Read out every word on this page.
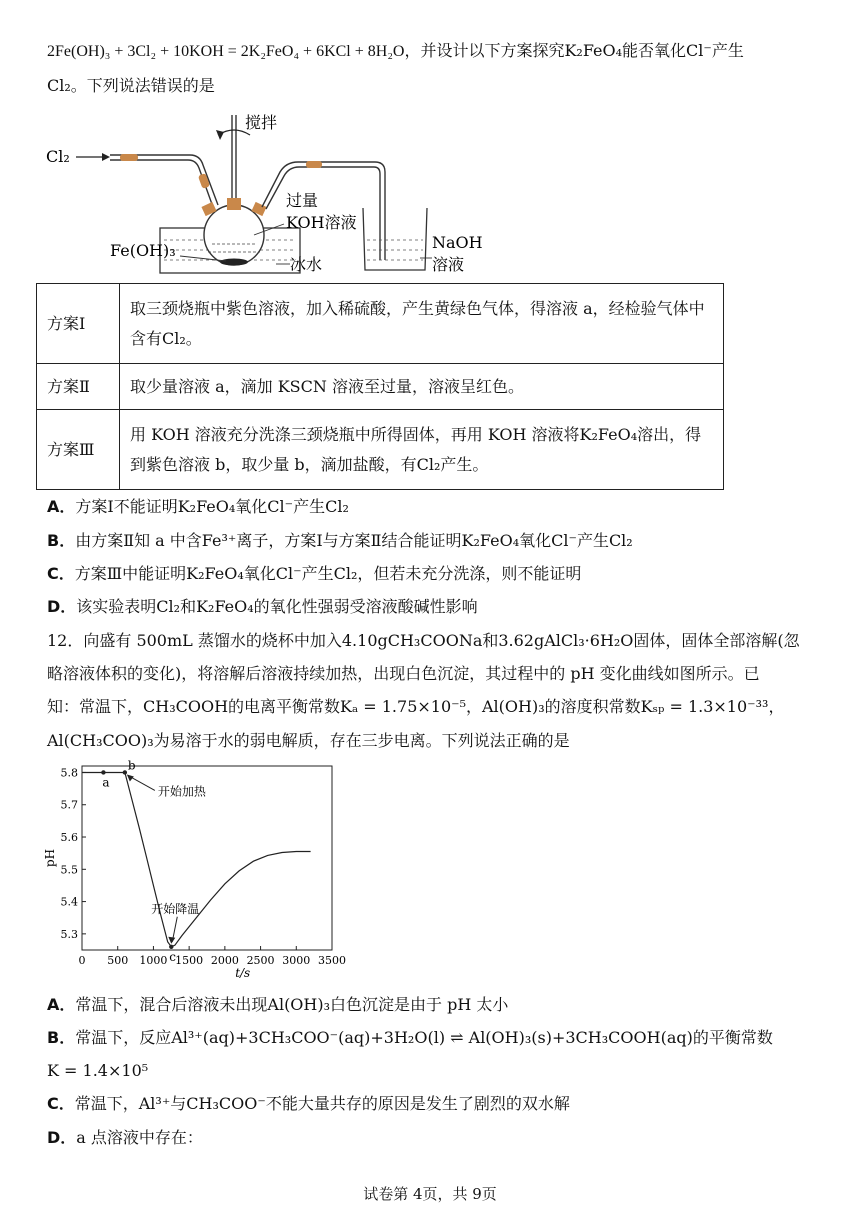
2Fe(OH)₃ + 3Cl₂ + 10KOH = 2K₂FeO₄ + 6KCl + 8H₂O，并设计以下方案探究K₂FeO₄能否氧化Cl⁻产生
Cl₂。下列说法错误的是
Cl₂
搅拌
过量
KOH溶液
Fe(OH)₃
冰水
NaOH
溶液
方案Ⅰ	取三颈烧瓶中紫色溶液，加入稀硫酸，产生黄绿色气体，得溶液 a，经检验气体中含有Cl₂。
方案Ⅱ	取少量溶液 a，滴加 KSCN 溶液至过量，溶液呈红色。
方案Ⅲ	用 KOH 溶液充分洗涤三颈烧瓶中所得固体，再用 KOH 溶液将K₂FeO₄溶出，得到紫色溶液 b，取少量 b，滴加盐酸，有Cl₂产生。
A．方案Ⅰ不能证明K₂FeO₄氧化Cl⁻产生Cl₂
B．由方案Ⅱ知 a 中含Fe³⁺离子，方案Ⅰ与方案Ⅱ结合能证明K₂FeO₄氧化Cl⁻产生Cl₂
C．方案Ⅲ中能证明K₂FeO₄氧化Cl⁻产生Cl₂，但若未充分洗涤，则不能证明
D．该实验表明Cl₂和K₂FeO₄的氧化性强弱受溶液酸碱性影响
12．向盛有 500mL 蒸馏水的烧杯中加入4.10gCH₃COONa和3.62gAlCl₃·6H₂O固体，固体全部溶解(忽
略溶液体积的变化)，将溶解后溶液持续加热，出现白色沉淀，其过程中的 pH 变化曲线如图所示。已
知：常温下，CH₃COOH的电离平衡常数Kₐ = 1.75×10⁻⁵，Al(OH)₃的溶度积常数Kₛₚ = 1.3×10⁻³³，
Al(CH₃COO)₃为易溶于水的弱电解质，存在三步电离。下列说法正确的是
0 500 1000 1500 2000 2500 3000 3500
5.3
5.4
5.5
5.6
5.7
5.8
t/s
pH
a
b
c
开始加热
开始降温
A．常温下，混合后溶液未出现Al(OH)₃白色沉淀是由于 pH 太小
B．常温下，反应Al³⁺(aq)+3CH₃COO⁻(aq)+3H₂O(l) ⇌ Al(OH)₃(s)+3CH₃COOH(aq)的平衡常数
K = 1.4×10⁵
C．常温下，Al³⁺与CH₃COO⁻不能大量共存的原因是发生了剧烈的双水解
D．a 点溶液中存在：
试卷第 4页，共 9页
